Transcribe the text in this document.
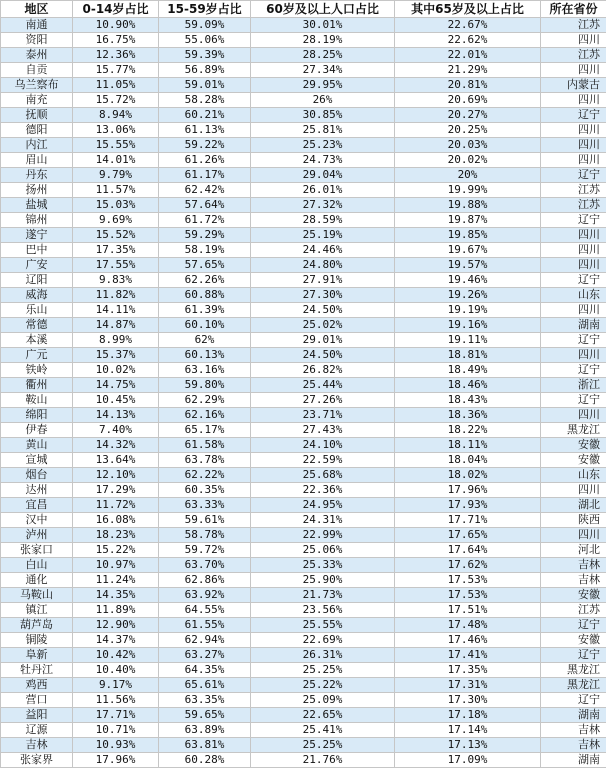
地区	0-14岁占比	15-59岁占比	60岁及以上人口占比	其中65岁及以上占比	所在省份
南通	10.90%	59.09%	30.01%	22.67%	江苏
资阳	16.75%	55.06%	28.19%	22.62%	四川
泰州	12.36%	59.39%	28.25%	22.01%	江苏
自贡	15.77%	56.89%	27.34%	21.29%	四川
乌兰察布	11.05%	59.01%	29.95%	20.81%	内蒙古
南充	15.72%	58.28%	26%	20.69%	四川
抚顺	8.94%	60.21%	30.85%	20.27%	辽宁
德阳	13.06%	61.13%	25.81%	20.25%	四川
内江	15.55%	59.22%	25.23%	20.03%	四川
眉山	14.01%	61.26%	24.73%	20.02%	四川
丹东	9.79%	61.17%	29.04%	20%	辽宁
扬州	11.57%	62.42%	26.01%	19.99%	江苏
盐城	15.03%	57.64%	27.32%	19.88%	江苏
锦州	9.69%	61.72%	28.59%	19.87%	辽宁
遂宁	15.52%	59.29%	25.19%	19.85%	四川
巴中	17.35%	58.19%	24.46%	19.67%	四川
广安	17.55%	57.65%	24.80%	19.57%	四川
辽阳	9.83%	62.26%	27.91%	19.46%	辽宁
威海	11.82%	60.88%	27.30%	19.26%	山东
乐山	14.11%	61.39%	24.50%	19.19%	四川
常德	14.87%	60.10%	25.02%	19.16%	湖南
本溪	8.99%	62%	29.01%	19.11%	辽宁
广元	15.37%	60.13%	24.50%	18.81%	四川
铁岭	10.02%	63.16%	26.82%	18.49%	辽宁
衢州	14.75%	59.80%	25.44%	18.46%	浙江
鞍山	10.45%	62.29%	27.26%	18.43%	辽宁
绵阳	14.13%	62.16%	23.71%	18.36%	四川
伊春	7.40%	65.17%	27.43%	18.22%	黑龙江
黄山	14.32%	61.58%	24.10%	18.11%	安徽
宣城	13.64%	63.78%	22.59%	18.04%	安徽
烟台	12.10%	62.22%	25.68%	18.02%	山东
达州	17.29%	60.35%	22.36%	17.96%	四川
宜昌	11.72%	63.33%	24.95%	17.93%	湖北
汉中	16.08%	59.61%	24.31%	17.71%	陕西
泸州	18.23%	58.78%	22.99%	17.65%	四川
张家口	15.22%	59.72%	25.06%	17.64%	河北
白山	10.97%	63.70%	25.33%	17.62%	吉林
通化	11.24%	62.86%	25.90%	17.53%	吉林
马鞍山	14.35%	63.92%	21.73%	17.53%	安徽
镇江	11.89%	64.55%	23.56%	17.51%	江苏
葫芦岛	12.90%	61.55%	25.55%	17.48%	辽宁
铜陵	14.37%	62.94%	22.69%	17.46%	安徽
阜新	10.42%	63.27%	26.31%	17.41%	辽宁
牡丹江	10.40%	64.35%	25.25%	17.35%	黑龙江
鸡西	9.17%	65.61%	25.22%	17.31%	黑龙江
营口	11.56%	63.35%	25.09%	17.30%	辽宁
益阳	17.71%	59.65%	22.65%	17.18%	湖南
辽源	10.71%	63.89%	25.41%	17.14%	吉林
吉林	10.93%	63.81%	25.25%	17.13%	吉林
张家界	17.96%	60.28%	21.76%	17.09%	湖南
